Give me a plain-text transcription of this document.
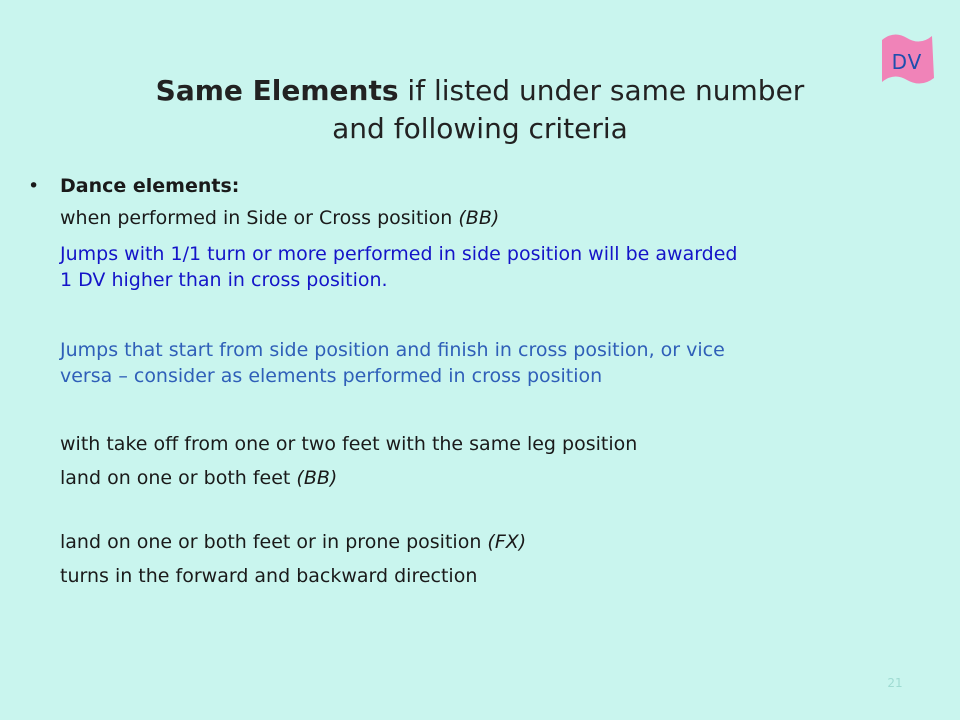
DV
Same Elements if listed under same number
and following criteria
• Dance elements:
when performed in Side or Cross position (BB)
Jumps with 1/1 turn or more performed in side position will be awarded
1 DV higher than in cross position.
Jumps that start from side position and finish in cross position, or vice
versa – consider as elements performed in cross position
with take off from one or two feet with the same leg position
land on one or both feet (BB)
land on one or both feet or in prone position (FX)
turns in the forward and backward direction
21
